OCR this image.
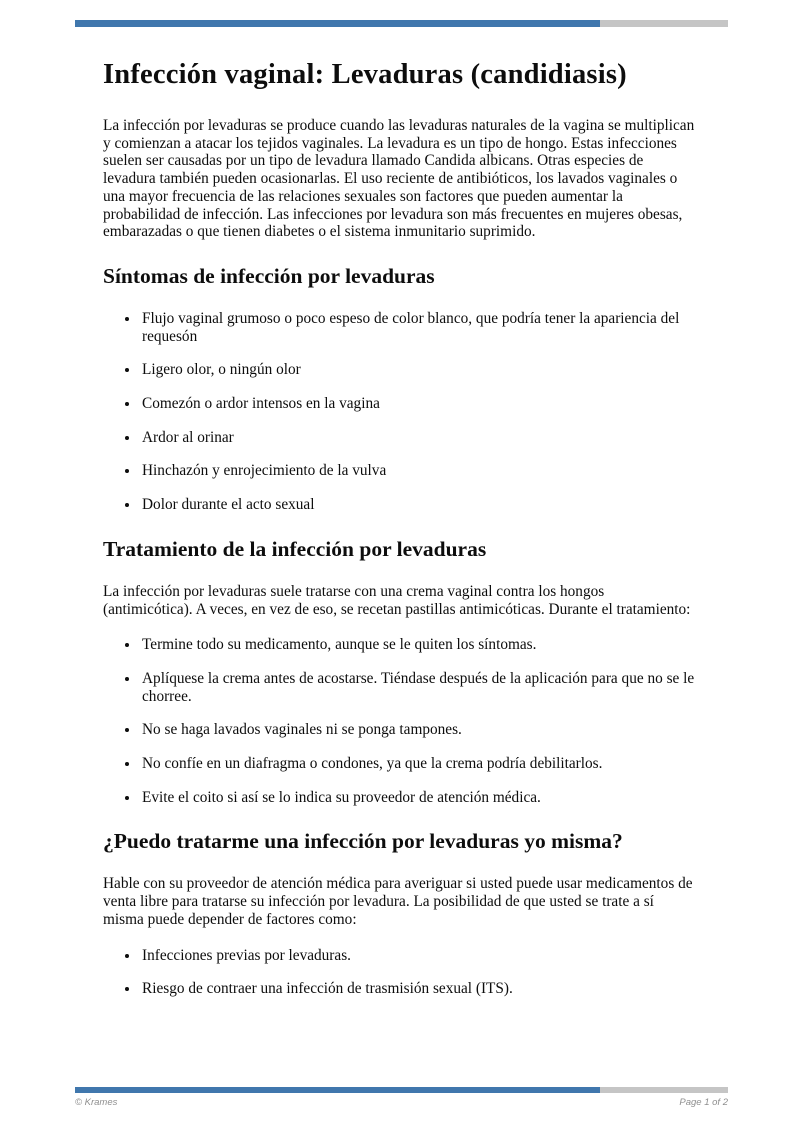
Infección vaginal: Levaduras (candidiasis)

La infección por levaduras se produce cuando las levaduras naturales de la vagina se multiplican y comienzan a atacar los tejidos vaginales. La levadura es un tipo de hongo. Estas infecciones suelen ser causadas por un tipo de levadura llamado Candida albicans. Otras especies de levadura también pueden ocasionarlas. El uso reciente de antibióticos, los lavados vaginales o una mayor frecuencia de las relaciones sexuales son factores que pueden aumentar la probabilidad de infección. Las infecciones por levadura son más frecuentes en mujeres obesas, embarazadas o que tienen diabetes o el sistema inmunitario suprimido.

Síntomas de infección por levaduras
• Flujo vaginal grumoso o poco espeso de color blanco, que podría tener la apariencia del requesón
• Ligero olor, o ningún olor
• Comezón o ardor intensos en la vagina
• Ardor al orinar
• Hinchazón y enrojecimiento de la vulva
• Dolor durante el acto sexual
Tratamiento de la infección por levaduras

La infección por levaduras suele tratarse con una crema vaginal contra los hongos (antimicótica). A veces, en vez de eso, se recetan pastillas antimicóticas. Durante el tratamiento:

• Termine todo su medicamento, aunque se le quiten los síntomas.
• Aplíquese la crema antes de acostarse. Tiéndase después de la aplicación para que no se le chorree.
• No se haga lavados vaginales ni se ponga tampones.
• No confíe en un diafragma o condones, ya que la crema podría debilitarlos.
• Evite el coito si así se lo indica su proveedor de atención médica.
¿Puedo tratarme una infección por levaduras yo misma?

Hable con su proveedor de atención médica para averiguar si usted puede usar medicamentos de venta libre para tratarse su infección por levadura. La posibilidad de que usted se trate a sí misma puede depender de factores como:

• Infecciones previas por levaduras.
• Riesgo de contraer una infección de trasmisión sexual (ITS).
© Krames	Page 1 of 2
